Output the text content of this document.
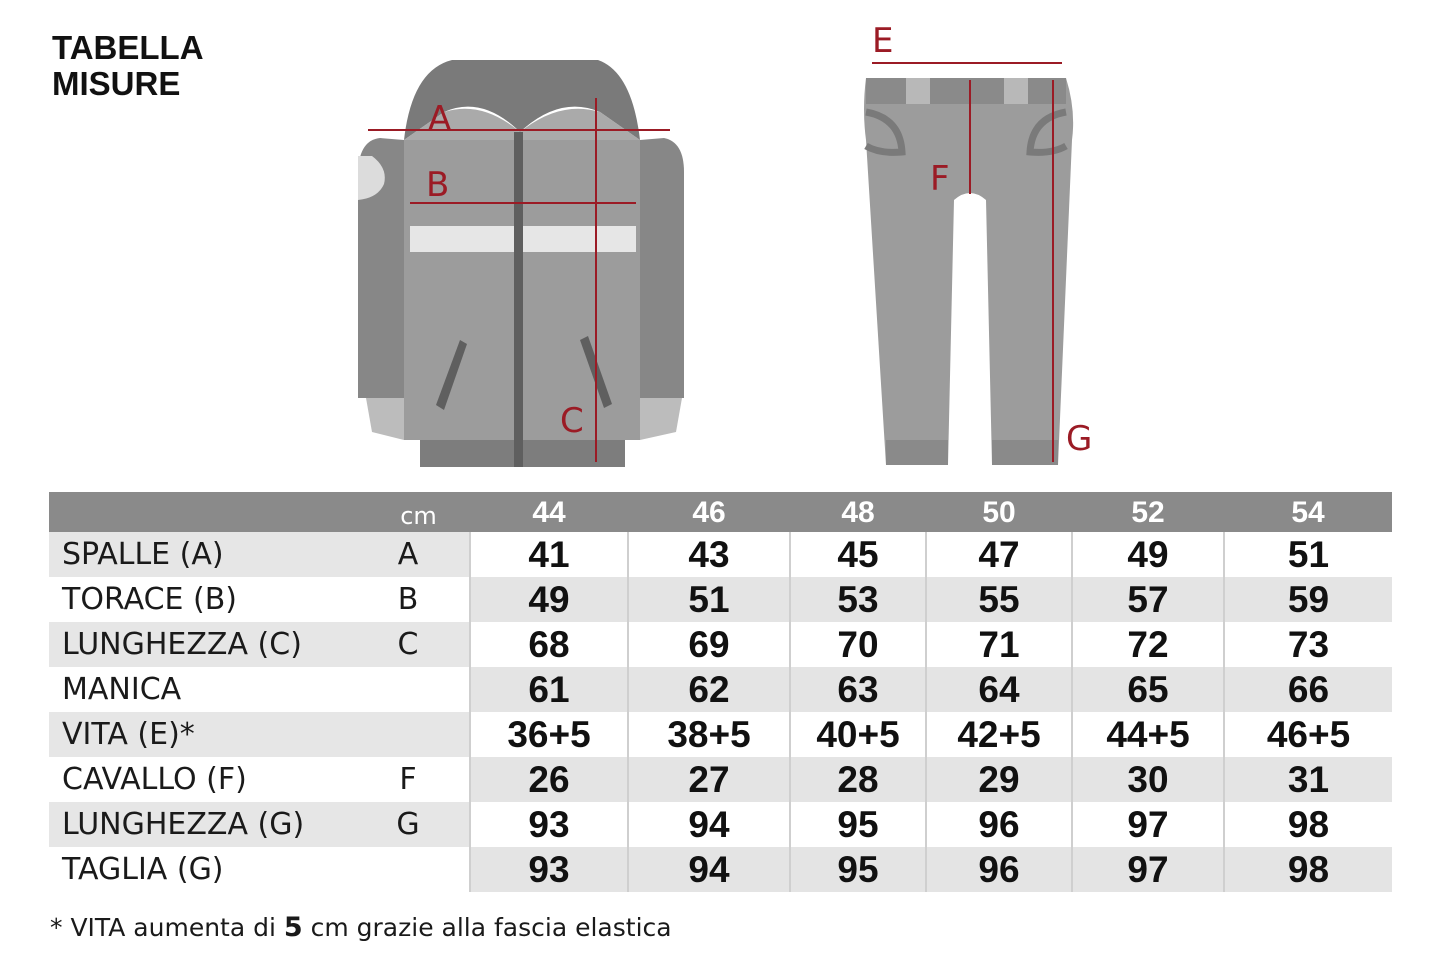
TABELLA
MISURE
A
B
C
E
F
G
	cm	44	46	48	50	52	54
SPALLE (A)	A	41	43	45	47	49	51
TORACE (B)	B	49	51	53	55	57	59
LUNGHEZZA (C)	C	68	69	70	71	72	73
MANICA		61	62	63	64	65	66
VITA (E)*		36+5	38+5	40+5	42+5	44+5	46+5
CAVALLO (F)	F	26	27	28	29	30	31
LUNGHEZZA (G)	G	93	94	95	96	97	98
TAGLIA (G)		93	94	95	96	97	98
* VITA aumenta di 5 cm grazie alla fascia elastica
